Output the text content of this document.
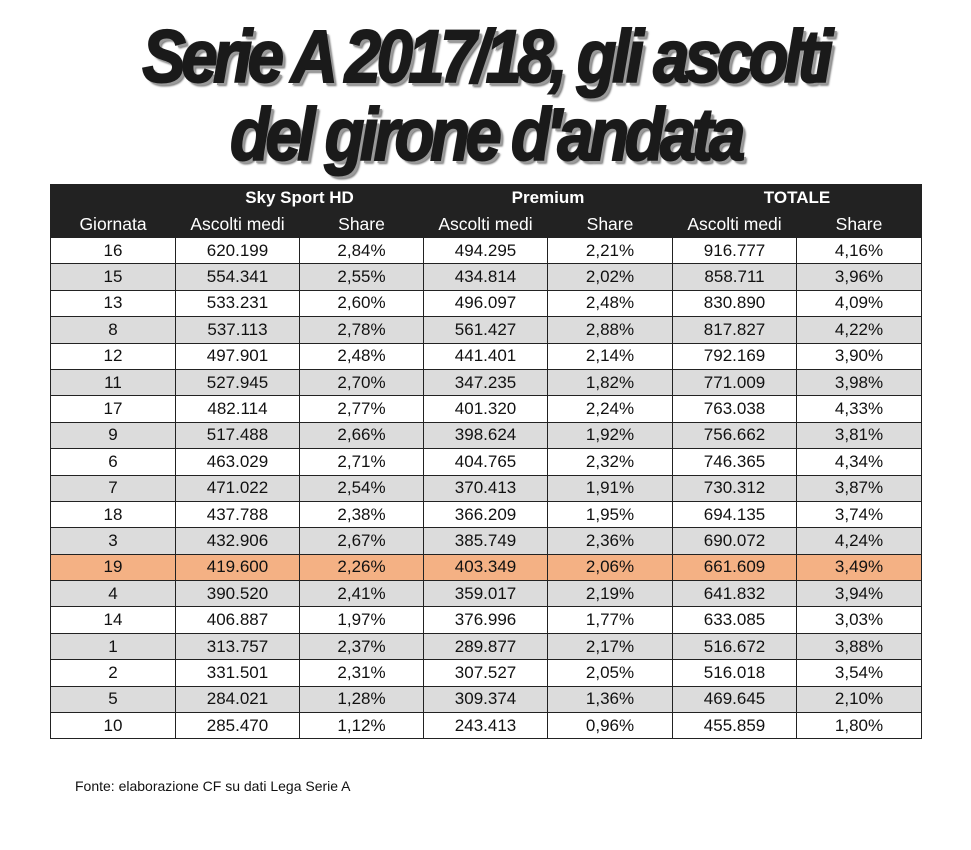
Serie A 2017/18, gli ascolti
del girone d'andata
	Sky Sport HD		Premium		TOTALE	
Giornata	Ascolti medi	Share	Ascolti medi	Share	Ascolti medi	Share
16	620.199	2,84%	494.295	2,21%	916.777	4,16%
15	554.341	2,55%	434.814	2,02%	858.711	3,96%
13	533.231	2,60%	496.097	2,48%	830.890	4,09%
8	537.113	2,78%	561.427	2,88%	817.827	4,22%
12	497.901	2,48%	441.401	2,14%	792.169	3,90%
11	527.945	2,70%	347.235	1,82%	771.009	3,98%
17	482.114	2,77%	401.320	2,24%	763.038	4,33%
9	517.488	2,66%	398.624	1,92%	756.662	3,81%
6	463.029	2,71%	404.765	2,32%	746.365	4,34%
7	471.022	2,54%	370.413	1,91%	730.312	3,87%
18	437.788	2,38%	366.209	1,95%	694.135	3,74%
3	432.906	2,67%	385.749	2,36%	690.072	4,24%
19	419.600	2,26%	403.349	2,06%	661.609	3,49%
4	390.520	2,41%	359.017	2,19%	641.832	3,94%
14	406.887	1,97%	376.996	1,77%	633.085	3,03%
1	313.757	2,37%	289.877	2,17%	516.672	3,88%
2	331.501	2,31%	307.527	2,05%	516.018	3,54%
5	284.021	1,28%	309.374	1,36%	469.645	2,10%
10	285.470	1,12%	243.413	0,96%	455.859	1,80%
Fonte: elaborazione CF su dati Lega Serie A
